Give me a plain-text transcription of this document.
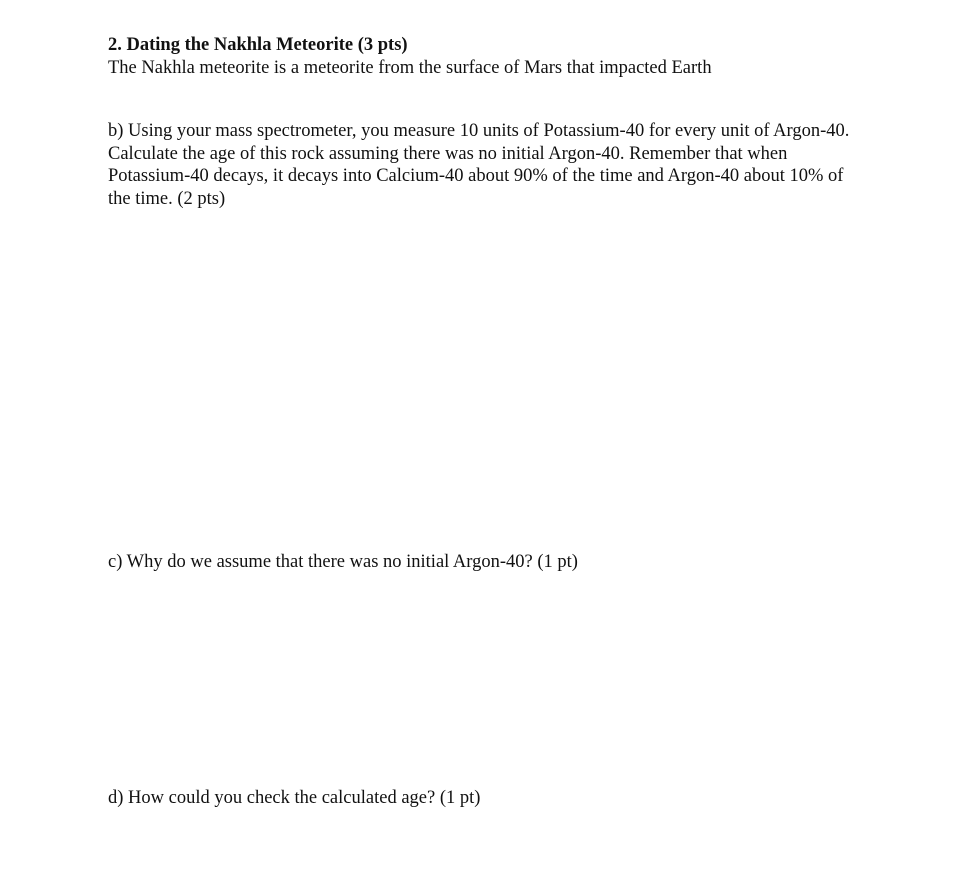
2. Dating the Nakhla Meteorite (3 pts)
The Nakhla meteorite is a meteorite from the surface of Mars that impacted Earth
b) Using your mass spectrometer, you measure 10 units of Potassium-40 for every unit of Argon-40.
Calculate the age of this rock assuming there was no initial Argon-40. Remember that when
Potassium-40 decays, it decays into Calcium-40 about 90% of the time and Argon-40 about 10% of
the time. (2 pts)
c) Why do we assume that there was no initial Argon-40? (1 pt)
d) How could you check the calculated age? (1 pt)
